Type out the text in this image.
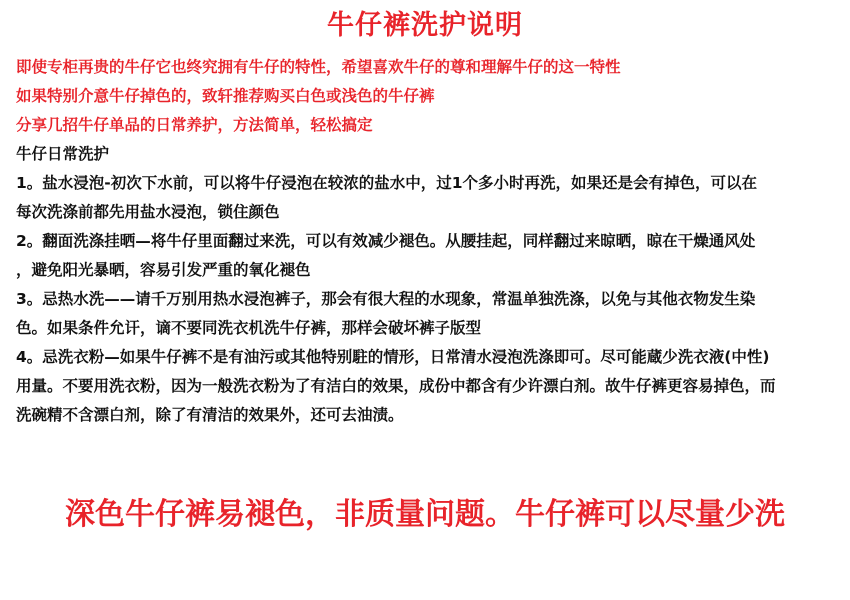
牛仔裤洗护说明
即使专柜再贵的牛仔它也终究拥有牛仔的特性，希望喜欢牛仔的尊和理解牛仔的这一特性
如果特别介意牛仔掉色的，致轩推荐购买白色或浅色的牛仔裤
分享几招牛仔单品的日常养护，方法简单，轻松搞定
牛仔日常洗护
1。盐水浸泡-初次下水前，可以将牛仔浸泡在较浓的盐水中，过1个多小时再洗，如果还是会有掉色，可以在
每次洗涤前都先用盐水浸泡，锁住颜色
2。翻面洗涤挂晒—将牛仔里面翻过来洗，可以有效减少褪色。从腰挂起，同样翻过来晾晒，晾在干燥通风处
，避免阳光暴晒，容易引发严重的氧化褪色
3。忌热水洗——请千万别用热水浸泡裤子，那会有很大程的水现象，常温单独洗涤，以免与其他衣物发生染
色。如果条件允讦，谪不要同洗衣机洗牛仔裤，那样会破坏裤子版型
4。忌洗衣粉—如果牛仔裤不是有油污或其他特别駐的情形，日常清水浸泡洗涤即可。尽可能蔵少洗衣液(中性)
用量。不要用洗衣粉，因为一般洗衣粉为了有洁白的效果，成份中都含有少许漂白剂。故牛仔裤更容易掉色，而
洗碗精不含漂白剂，除了有清洁的效果外，还可去油渍。
深色牛仔裤易褪色，非质量问题。牛仔裤可以尽量少洗
